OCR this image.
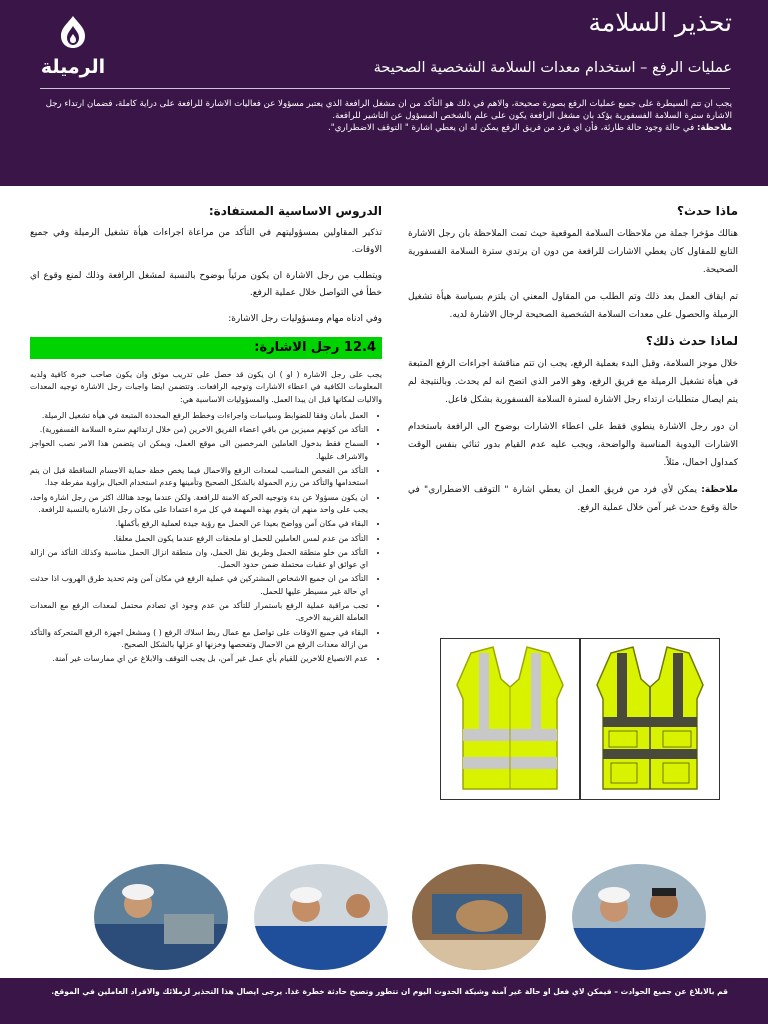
الرميلة
تحذير السلامة
عمليات الرفع – استخدام معدات السلامة الشخصية الصحيحة
يجب ان تتم السيطرة على جميع عمليات الرفع بصورة صحيحة، والاهم في ذلك هو التأكد من ان مشغل الرافعة الذي يعتبر مسؤولا عن فعاليات الاشارة للرافعة على دراية كاملة، فضمان ارتداء رجل الاشارة سترة السلامة الفسفورية يؤكد بان مشغل الرافعة يكون على علم بالشخص المسؤول عن التاشير للرافعة.
ملاحظة: في حالة وجود حالة طارئة، فأن اي فرد من فريق الرفع يمكن له ان يعطي اشارة " التوقف الاضطراري".
ماذا حدث؟
هنالك مؤخرا جملة من ملاحظات السلامة الموقعية حيث تمت الملاحظة بان رجل الاشارة التابع للمقاول كان يعطي الاشارات للرافعة من دون ان يرتدي سترة السلامة الفسفورية الصحيحة.
تم ايقاف العمل بعد ذلك وتم الطلب من المقاول المعني ان يلتزم بسياسة هيأة تشغيل الرميلة والحصول على معدات السلامة الشخصية الصحيحة لرجال الاشارة لديه.
لماذا حدث ذلك؟
خلال موجز السلامة، وقبل البدء بعملية الرفع، يجب ان تتم مناقشة اجراءات الرفع المتبعة في هيأة تشغيل الرميلة مع فريق الرفع، وهو الامر الذي اتضح انه لم يحدث. وبالنتيجة لم يتم ايصال متطلبات ارتداء رجل الاشارة لسترة السلامة الفسفورية بشكل فاعل.
ان دور رجل الاشارة ينطوي فقط على اعطاء الاشارات بوضوح الى الرافعة باستخدام الاشارات اليدوية المناسبة والواضحة، ويجب عليه عدم القيام بدور ثنائي بنفس الوقت كمداول احمال، مثلاً.
ملاحظة: يمكن لأي فرد من فريق العمل ان يعطي اشارة " التوقف الاضطراري" في حالة وقوع حدث غير آمن خلال عملية الرفع.
الدروس الاساسية المستفادة:
تذكير المقاولين بمسؤوليتهم في التأكد من مراعاة اجراءات هيأة تشغيل الرميلة وفي جميع الاوقات.
ويتطلب من رجل الاشارة ان يكون مرئياً بوضوح بالنسبة لمشغل الرافعة وذلك لمنع وقوع اي خطأ في التواصل خلال عملية الرفع.
وفي ادناه مهام ومسؤوليات رجل الاشارة:
12.4 رجل الاشارة:
يجب على رجل الاشارة ( او ) ان يكون قد حصل على تدريب موثق وان يكون صاحب خبرة كافية ولديه المعلومات الكافية في اعطاء الاشارات وتوجيه الرافعات. وتتضمن ايضا واجبات رجل الاشارة توجيه المعدات والاليات لمكانها قبل ان يبدا العمل. والمسؤوليات الاساسية هي:
• العمل بأمان وفقا للضوابط وسياسات واجراءات وخطط الرفع المحددة المتبعة في هيأة تشغيل الرميلة.
• التأكد من كونهم مميزين من باقي اعضاء الفريق الاخرين (من خلال ارتدائهم سترة السلامة الفسفورية).
• السماح فقط بدخول العاملين المرخصين الى موقع العمل، ويمكن ان يتضمن هذا الامر نصب الحواجز والاشراف عليها.
• التأكد من الفحص المناسب لمعدات الرفع والاحمال فيما يخص خطة حماية الاجسام الساقطة قبل ان يتم استخدامها والتأكد من رزم الحمولة بالشكل الصحيح وتأمينها وعدم استخدام الحبال بزاوية مفرطة جدا.
• ان يكون مسؤولا عن بدء وتوجيه الحركة الامنة للرافعة. ولكن عندما يوجد هنالك اكثر من رجل اشارة واحد، يجب على واحد منهم ان يقوم بهذه المهمة في كل مرة اعتمادا على مكان رجل الاشارة بالنسبة للرافعة.
• البقاء في مكان آمن وواضح بعيدا عن الحمل مع رؤية جيدة لعملية الرفع بأكملها.
• التأكد من عدم لمس العاملين للحمل او ملحقات الرفع عندما يكون الحمل معلقا.
• التأكد من خلو منطقة الحمل وطريق نقل الحمل، وان منطقة انزال الحمل مناسبة وكذلك التأكد من ازالة اي عوائق او عقبات محتملة ضمن حدود الحمل.
• التأكد من ان جميع الاشخاص المشتركين في عملية الرفع في مكان آمن وتم تحديد طرق الهروب اذا حدثت اي حالة غير مسيطر عليها للحمل.
• تجب مراقبة عملية الرفع باستمرار للتأكد من عدم وجود اي تصادم محتمل لمعدات الرفع مع المعدات العاملة القريبة الاخرى.
• البقاء في جميع الاوقات على تواصل مع عمال ربط اسلاك الرفع ( ) ومشغل اجهزة الرفع المتحركة والتأكد من ازالة معدات الرفع من الاحمال وتفحصها وخزنها او عزلها بالشكل الصحيح.
• عدم الانصياع للاخرين للقيام بأي عمل غير آمن، بل يجب التوقف والابلاغ عن اي ممارسات غير آمنة.
قم بالابلاغ عن جميع الحوادث – فيمكن لاي فعل او حالة غير آمنة وشيكة الحدوث اليوم ان تتطور وتصبح حادثة خطرة غدا. يرجى ايصال هذا التحذير لزملائك والافراد العاملين في الموقع.
